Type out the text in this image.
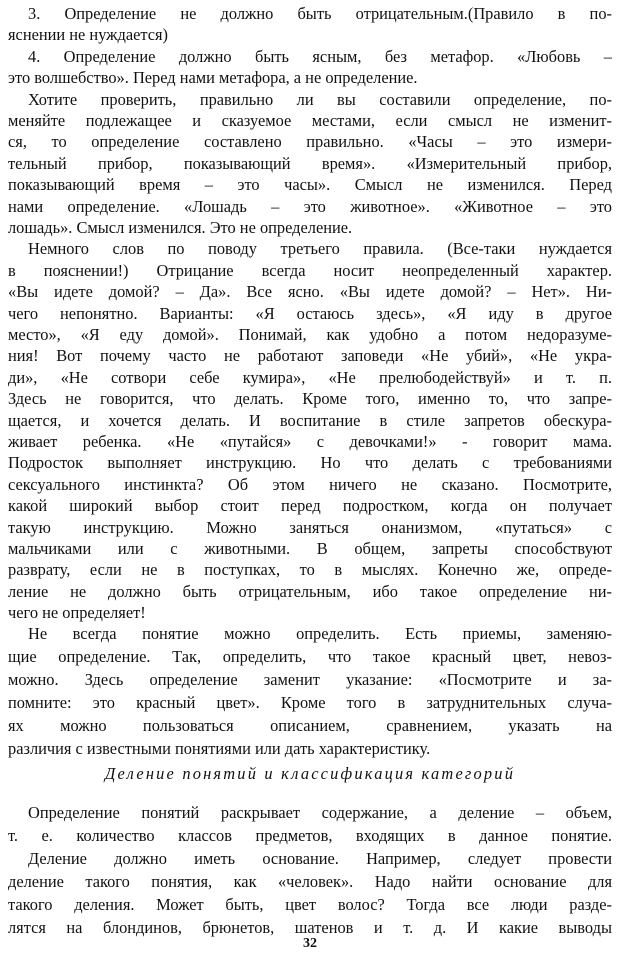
3. Определение не должно быть отрицательным.(Правило в по-
яснении не нуждается)
4. Определение должно быть ясным, без метафор. «Любовь –
это волшебство». Перед нами метафора, а не определение.
Хотите проверить, правильно ли вы составили определение, по-
меняйте подлежащее и сказуемое местами, если смысл не изменит-
ся, то определение составлено правильно. «Часы – это измери-
тельный прибор, показывающий время». «Измерительный прибор,
показывающий время – это часы». Смысл не изменился. Перед
нами определение. «Лошадь – это животное». «Животное – это
лошадь». Смысл изменился. Это не определение.
Немного слов по поводу третьего правила. (Все-таки нуждается
в пояснении!) Отрицание всегда носит неопределенный характер.
«Вы идете домой? – Да». Все ясно. «Вы идете домой? – Нет». Ни-
чего непонятно. Варианты: «Я остаюсь здесь», «Я иду в другое
место», «Я еду домой». Понимай, как удобно а потом недоразуме-
ния! Вот почему часто не работают заповеди «Не убий», «Не укра-
ди», «Не сотвори себе кумира», «Не прелюбодействуй» и т. п.
Здесь не говорится, что делать. Кроме того, именно то, что запре-
щается, и хочется делать. И воспитание в стиле запретов обескура-
живает ребенка. «Не «путайся» с девочками!» - говорит мама.
Подросток выполняет инструкцию. Но что делать с требованиями
сексуального инстинкта? Об этом ничего не сказано. Посмотрите,
какой широкий выбор стоит перед подростком, когда он получает
такую инструкцию. Можно заняться онанизмом, «путаться» с
мальчиками или с животными. В общем, запреты способствуют
разврату, если не в поступках, то в мыслях. Конечно же, опреде-
ление не должно быть отрицательным, ибо такое определение ни-
чего не определяет!
Не всегда понятие можно определить. Есть приемы, заменяю-
щие определение. Так, определить, что такое красный цвет, невоз-
можно. Здесь определение заменит указание: «Посмотрите и за-
помните: это красный цвет». Кроме того в затруднительных случа-
Деление понятий и классификация категорий
Определение понятий раскрывает содержание, а деление – объем,
т. е. количество классов предметов, входящих в данное понятие.
Деление должно иметь основание. Например, следует провести
деление такого понятия, как «человек». Надо найти основание для
такого деления. Может быть, цвет волос? Тогда все люди разде-
лятся на блондинов, брюнетов, шатенов и т. д. И какие выводы
32
ях можно пользоваться описанием, сравнением, указать на
различия с известными понятиями или дать характеристику.
